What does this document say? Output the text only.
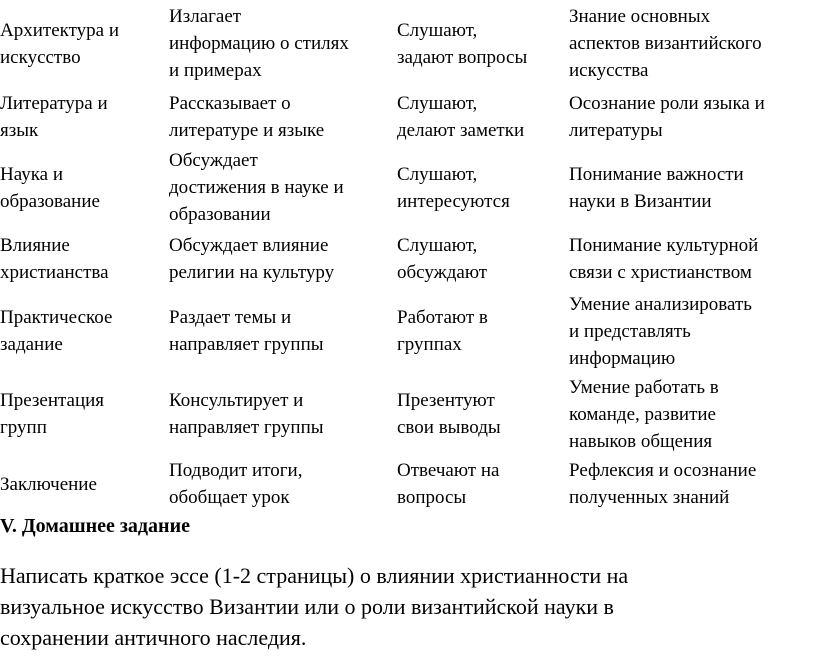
Архитектура и
искусство
Излагает
информацию о стилях
и примерах
Слушают,
задают вопросы
Знание основных
аспектов византийского
искусства
Литература и
язык
Рассказывает о
литературе и языке
Слушают,
делают заметки
Осознание роли языка и
литературы
Наука и
образование
Обсуждает
достижения в науке и
образовании
Слушают,
интересуются
Понимание важности
науки в Византии
Влияние
христианства
Обсуждает влияние
религии на культуру
Слушают,
обсуждают
Понимание культурной
связи с христианством
Практическое
задание
Раздает темы и
направляет группы
Работают в
группах
Умение анализировать
и представлять
информацию
Презентация
групп
Консультирует и
направляет группы
Презентуют
свои выводы
Умение работать в
команде, развитие
навыков общения
Заключение
Подводит итоги,
обобщает урок
Отвечают на
вопросы
Рефлексия и осознание
полученных знаний
V. Домашнее задание
Написать краткое эссе (1-2 страницы) о влиянии христианности на
визуальное искусство Византии или о роли византийской науки в
сохранении античного наследия.
